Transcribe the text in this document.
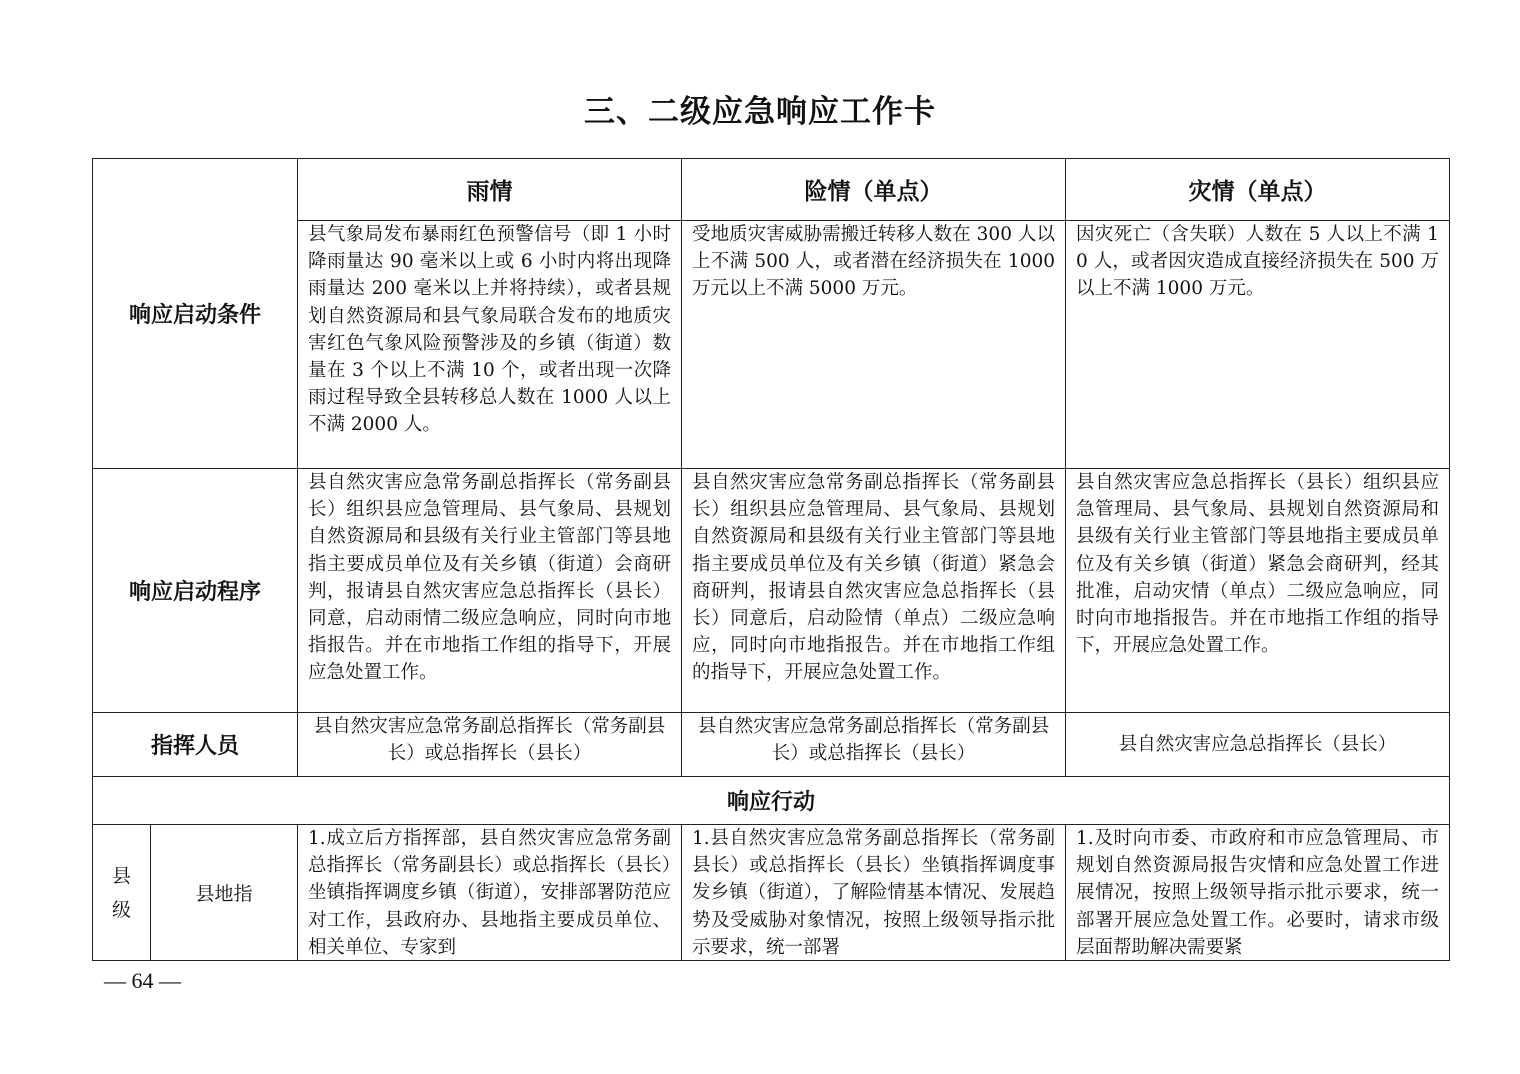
三、二级应急响应工作卡
响应启动条件		雨情	险情（单点）	灾情（单点）
		县气象局发布暴雨红色预警信号（即 1 小时降雨量达 90 毫米以上或 6 小时内将出现降雨量达 200 毫米以上并将持续），或者县规划自然资源局和县气象局联合发布的地质灾害红色气象风险预警涉及的乡镇（街道）数量在 3 个以上不满 10 个，或者出现一次降雨过程导致全县转移总人数在 1000 人以上不满 2000 人。	受地质灾害威胁需搬迁转移人数在 300 人以上不满 500 人，或者潜在经济损失在 1000 万元以上不满 5000 万元。	因灾死亡（含失联）人数在 5 人以上不满 10 人，或者因灾造成直接经济损失在 500 万以上不满 1000 万元。
响应启动程序		县自然灾害应急常务副总指挥长（常务副县长）组织县应急管理局、县气象局、县规划自然资源局和县级有关行业主管部门等县地指主要成员单位及有关乡镇（街道）会商研判，报请县自然灾害应急总指挥长（县长）同意，启动雨情二级应急响应，同时向市地指报告。并在市地指工作组的指导下，开展应急处置工作。	县自然灾害应急常务副总指挥长（常务副县长）组织县应急管理局、县气象局、县规划自然资源局和县级有关行业主管部门等县地指主要成员单位及有关乡镇（街道）紧急会商研判，报请县自然灾害应急总指挥长（县长）同意后，启动险情（单点）二级应急响应，同时向市地指报告。并在市地指工作组的指导下，开展应急处置工作。	县自然灾害应急总指挥长（县长）组织县应急管理局、县气象局、县规划自然资源局和县级有关行业主管部门等县地指主要成员单位及有关乡镇（街道）紧急会商研判，经其批准，启动灾情（单点）二级应急响应，同时向市地指报告。并在市地指工作组的指导下，开展应急处置工作。
指挥人员		县自然灾害应急常务副总指挥长（常务副县长）或总指挥长（县长）	县自然灾害应急常务副总指挥长（常务副县长）或总指挥长（县长）	县自然灾害应急总指挥长（县长）
响应行动				
县级	县地指	1.成立后方指挥部，县自然灾害应急常务副总指挥长（常务副县长）或总指挥长（县长）坐镇指挥调度乡镇（街道），安排部署防范应对工作，县政府办、县地指主要成员单位、相关单位、专家到	1.县自然灾害应急常务副总指挥长（常务副县长）或总指挥长（县长）坐镇指挥调度事发乡镇（街道），了解险情基本情况、发展趋势及受威胁对象情况，按照上级领导指示批示要求，统一部署	1.及时向市委、市政府和市应急管理局、市规划自然资源局报告灾情和应急处置工作进展情况，按照上级领导指示批示要求，统一部署开展应急处置工作。必要时，请求市级层面帮助解决需要紧
— 64 —
